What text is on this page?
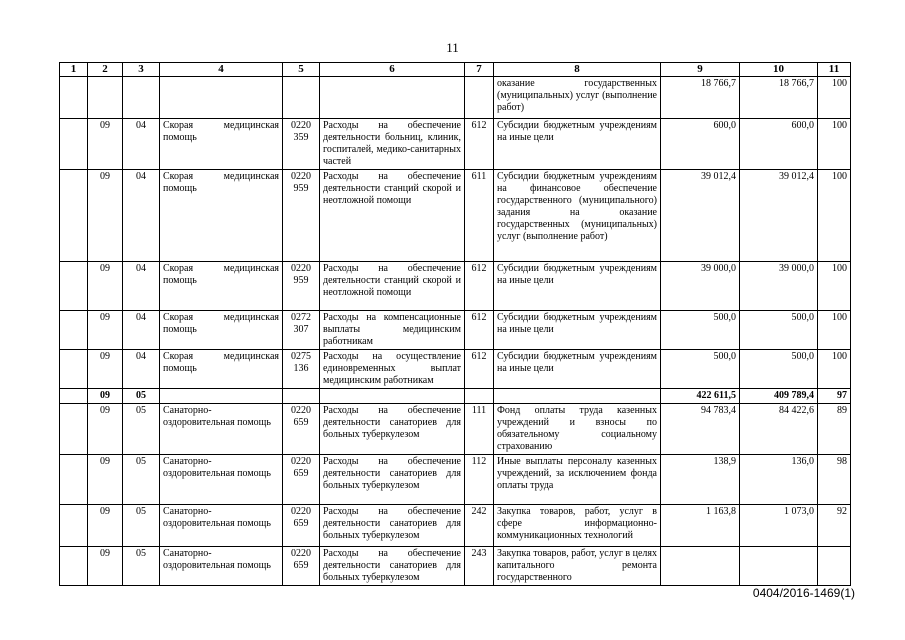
11
1	2	3	4	5	6	7	8	9	10	11
							оказание государственных (муниципальных) услуг (выполнение работ)	18 766,7	18 766,7	100
	09	04	Скорая медицинская помощь	0220 359	Расходы на обеспечение деятельности больниц, клиник, госпиталей, медико-санитарных частей	612	Субсидии бюджетным учреждениям на иные цели	600,0	600,0	100
	09	04	Скорая медицинская помощь	0220 959	Расходы на обеспечение деятельности станций скорой и неотложной помощи	611	Субсидии бюджетным учреждениям на финансовое обеспечение государственного (муниципального) задания на оказание государственных (муниципальных) услуг (выполнение работ)	39 012,4	39 012,4	100
	09	04	Скорая медицинская помощь	0220 959	Расходы на обеспечение деятельности станций скорой и неотложной помощи	612	Субсидии бюджетным учреждениям на иные цели	39 000,0	39 000,0	100
	09	04	Скорая медицинская помощь	0272 307	Расходы на компенсационные выплаты медицинским работникам	612	Субсидии бюджетным учреждениям на иные цели	500,0	500,0	100
	09	04	Скорая медицинская помощь	0275 136	Расходы на осуществление единовременных выплат медицинским работникам	612	Субсидии бюджетным учреждениям на иные цели	500,0	500,0	100
	09	05						422 611,5	409 789,4	97
	09	05	Санаторно-оздоровительная помощь	0220 659	Расходы на обеспечение деятельности санаториев для больных туберкулезом	111	Фонд оплаты труда казенных учреждений и взносы по обязательному социальному страхованию	94 783,4	84 422,6	89
	09	05	Санаторно-оздоровительная помощь	0220 659	Расходы на обеспечение деятельности санаториев для больных туберкулезом	112	Иные выплаты персоналу казенных учреждений, за исключением фонда оплаты труда	138,9	136,0	98
	09	05	Санаторно-оздоровительная помощь	0220 659	Расходы на обеспечение деятельности санаториев для больных туберкулезом	242	Закупка товаров, работ, услуг в сфере информационно-коммуникационных технологий	1 163,8	1 073,0	92
	09	05	Санаторно-оздоровительная помощь	0220 659	Расходы на обеспечение деятельности санаториев для больных туберкулезом	243	Закупка товаров, работ, услуг в целях капитального ремонта государственного			
0404/2016-1469(1)
